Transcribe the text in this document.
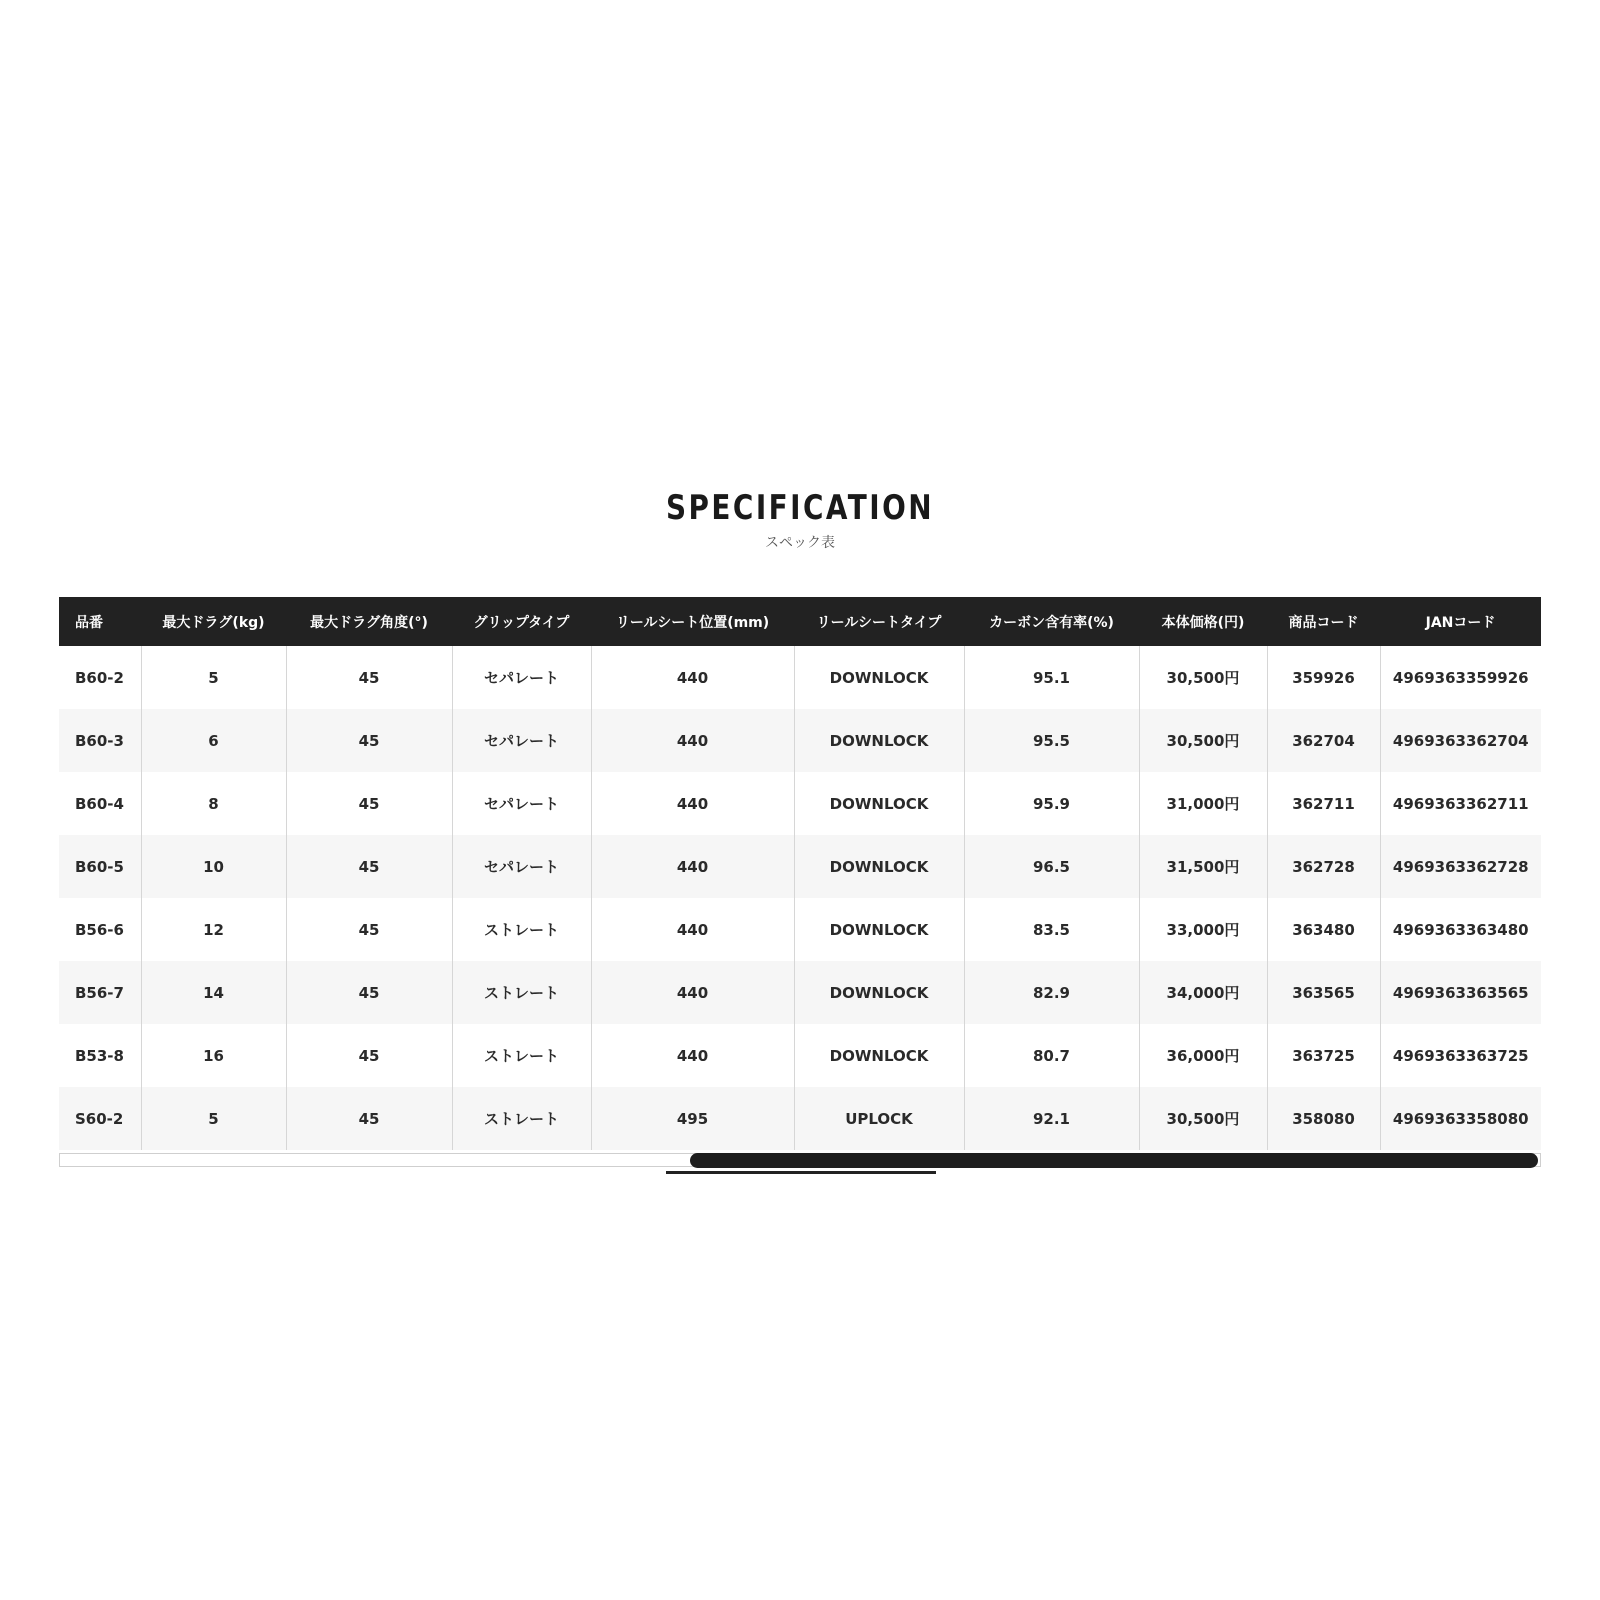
SPECIFICATION
スペック表
品番	最大ドラグ(kg)	最大ドラグ角度(°)	グリップタイプ	リールシート位置(mm)	リールシートタイプ	カーボン含有率(%)	本体価格(円)	商品コード	JANコード
B60-2	5	45	セパレート	440	DOWNLOCK	95.1	30,500円	359926	4969363359926
B60-3	6	45	セパレート	440	DOWNLOCK	95.5	30,500円	362704	4969363362704
B60-4	8	45	セパレート	440	DOWNLOCK	95.9	31,000円	362711	4969363362711
B60-5	10	45	セパレート	440	DOWNLOCK	96.5	31,500円	362728	4969363362728
B56-6	12	45	ストレート	440	DOWNLOCK	83.5	33,000円	363480	4969363363480
B56-7	14	45	ストレート	440	DOWNLOCK	82.9	34,000円	363565	4969363363565
B53-8	16	45	ストレート	440	DOWNLOCK	80.7	36,000円	363725	4969363363725
S60-2	5	45	ストレート	495	UPLOCK	92.1	30,500円	358080	4969363358080
